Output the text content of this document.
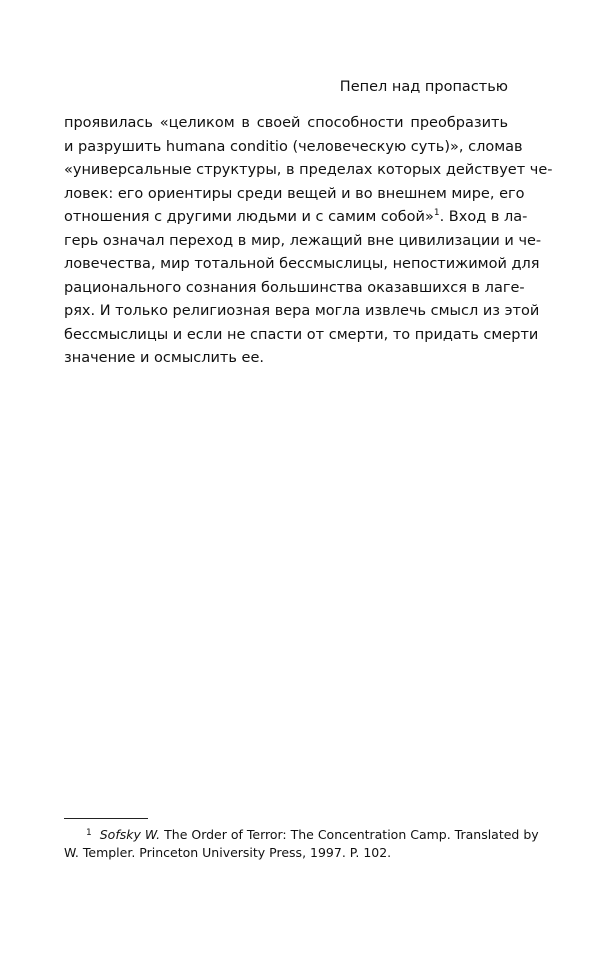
Пепел над пропастью
проявилась «целиком в своей способности преобразить
и разрушить humana conditio (человеческую суть)», сломав
«универсальные структуры, в пределах которых действует че-
ловек: его ориентиры среди вещей и во внешнем мире, его
отношения с другими людьми и с самим собой»$^1$. Вход в ла-
герь означал переход в мир, лежащий вне цивилизации и че-
ловечества, мир тотальной бессмыслицы, непостижимой для
рационального сознания большинства оказавшихся в лаге-
рях. И только религиозная вера могла извлечь смысл из этой
бессмыслицы и если не спасти от смерти, то придать смерти
значение и осмыслить ее.
1 Sofsky W. The Order of Terror: The Concentration Camp. Translated by
W. Templer. Princeton University Press, 1997. P. 102.
